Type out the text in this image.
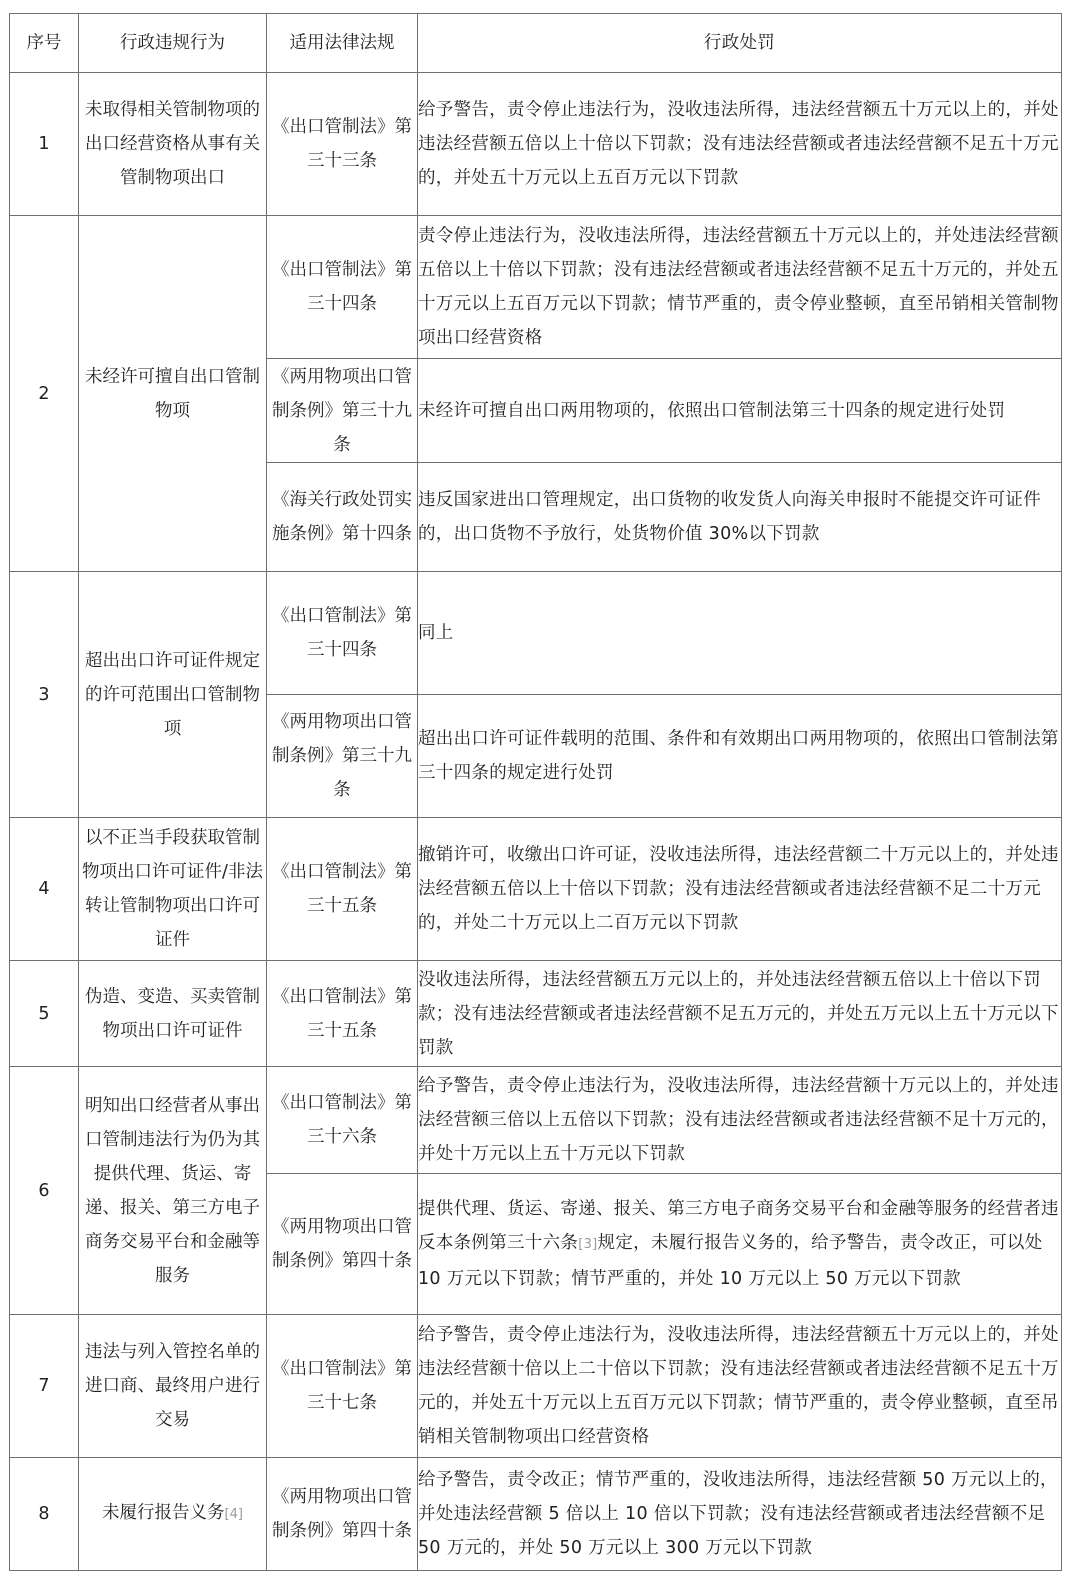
序号	行政违规行为	适用法律法规	行政处罚
1	未取得相关管制物项的出口经营资格从事有关管制物项出口	《出口管制法》第三十三条	给予警告，责令停止违法行为，没收违法所得，违法经营额五十万元以上的，并处违法经营额五倍以上十倍以下罚款；没有违法经营额或者违法经营额不足五十万元的，并处五十万元以上五百万元以下罚款
2	未经许可擅自出口管制物项	《出口管制法》第三十四条	责令停止违法行为，没收违法所得，违法经营额五十万元以上的，并处违法经营额五倍以上十倍以下罚款；没有违法经营额或者违法经营额不足五十万元的，并处五十万元以上五百万元以下罚款；情节严重的，责令停业整顿，直至吊销相关管制物项出口经营资格
		《两用物项出口管制条例》第三十九条	未经许可擅自出口两用物项的，依照出口管制法第三十四条的规定进行处罚
		《海关行政处罚实施条例》第十四条	违反国家进出口管理规定，出口货物的收发货人向海关申报时不能提交许可证件的，出口货物不予放行，处货物价值 30%以下罚款
3	超出出口许可证件规定的许可范围出口管制物项	《出口管制法》第三十四条	同上
		《两用物项出口管制条例》第三十九条	超出出口许可证件载明的范围、条件和有效期出口两用物项的，依照出口管制法第三十四条的规定进行处罚
4	以不正当手段获取管制物项出口许可证件/非法转让管制物项出口许可证件	《出口管制法》第三十五条	撤销许可，收缴出口许可证，没收违法所得，违法经营额二十万元以上的，并处违法经营额五倍以上十倍以下罚款；没有违法经营额或者违法经营额不足二十万元的，并处二十万元以上二百万元以下罚款
5	伪造、变造、买卖管制物项出口许可证件	《出口管制法》第三十五条	没收违法所得，违法经营额五万元以上的，并处违法经营额五倍以上十倍以下罚款；没有违法经营额或者违法经营额不足五万元的，并处五万元以上五十万元以下罚款
6	明知出口经营者从事出口管制违法行为仍为其提供代理、货运、寄递、报关、第三方电子商务交易平台和金融等服务	《出口管制法》第三十六条	给予警告，责令停止违法行为，没收违法所得，违法经营额十万元以上的，并处违法经营额三倍以上五倍以下罚款；没有违法经营额或者违法经营额不足十万元的，并处十万元以上五十万元以下罚款
		《两用物项出口管制条例》第四十条	提供代理、货运、寄递、报关、第三方电子商务交易平台和金融等服务的经营者违反本条例第三十六条[3]规定，未履行报告义务的，给予警告，责令改正，可以处 10 万元以下罚款；情节严重的，并处 10 万元以上 50 万元以下罚款
7	违法与列入管控名单的进口商、最终用户进行交易	《出口管制法》第三十七条	给予警告，责令停止违法行为，没收违法所得，违法经营额五十万元以上的，并处违法经营额十倍以上二十倍以下罚款；没有违法经营额或者违法经营额不足五十万元的，并处五十万元以上五百万元以下罚款；情节严重的，责令停业整顿，直至吊销相关管制物项出口经营资格
8	未履行报告义务[4]	《两用物项出口管制条例》第四十条	给予警告，责令改正；情节严重的，没收违法所得，违法经营额 50 万元以上的，并处违法经营额 5 倍以上 10 倍以下罚款；没有违法经营额或者违法经营额不足 50 万元的，并处 50 万元以上 300 万元以下罚款
